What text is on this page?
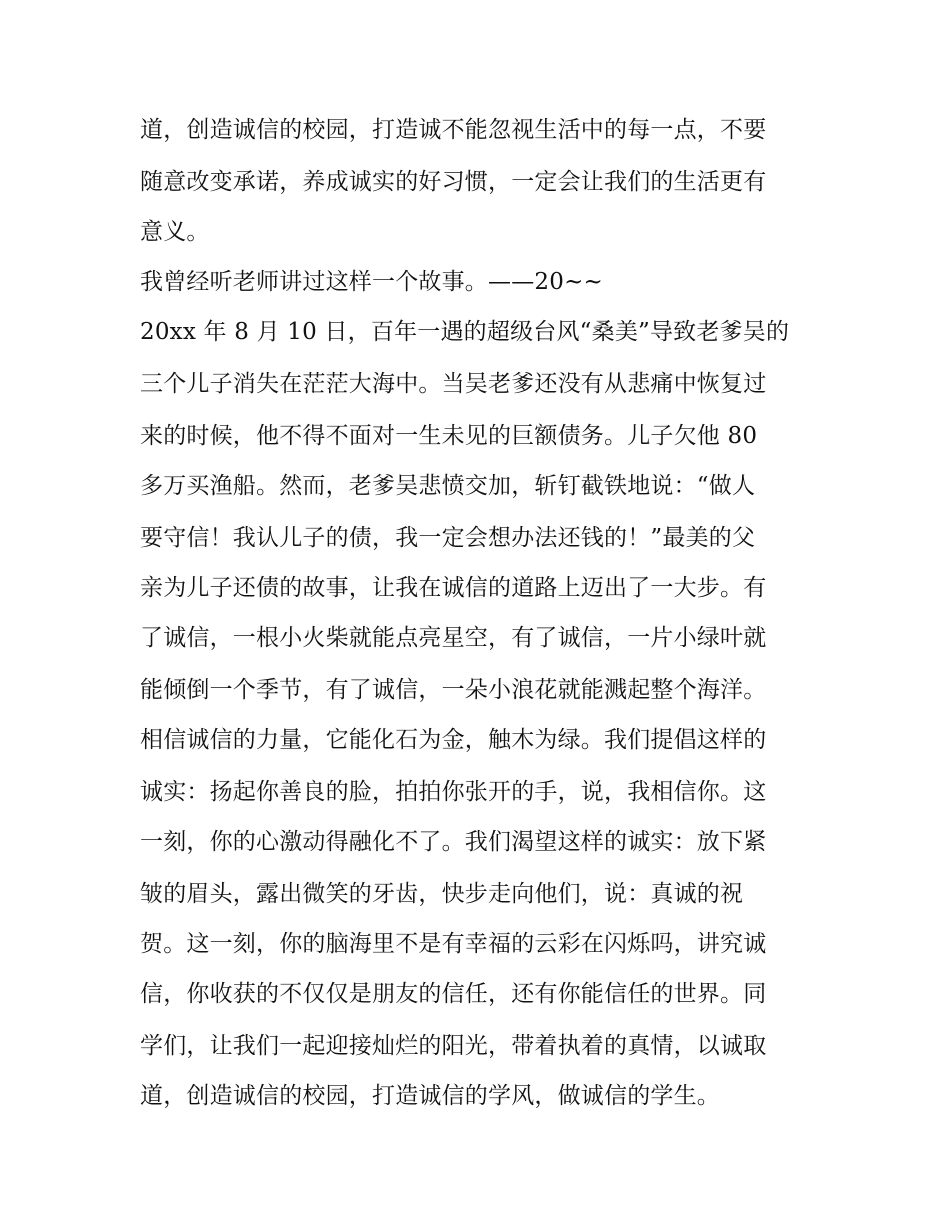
道，创造诚信的校园，打造诚不能忽视生活中的每一点，不要
随意改变承诺，养成诚实的好习惯，一定会让我们的生活更有
意义。
我曾经听老师讲过这样一个故事。——20~~
20xx 年 8 月 10 日，百年一遇的超级台风“桑美”导致老爹吴的
三个儿子消失在茫茫大海中。当吴老爹还没有从悲痛中恢复过
来的时候，他不得不面对一生未见的巨额债务。儿子欠他 80
多万买渔船。然而，老爹吴悲愤交加，斩钉截铁地说：“做人
要守信！我认儿子的债，我一定会想办法还钱的！”最美的父
亲为儿子还债的故事，让我在诚信的道路上迈出了一大步。有
了诚信，一根小火柴就能点亮星空，有了诚信，一片小绿叶就
能倾倒一个季节，有了诚信，一朵小浪花就能溅起整个海洋。
相信诚信的力量，它能化石为金，触木为绿。我们提倡这样的
诚实：扬起你善良的脸，拍拍你张开的手，说，我相信你。这
一刻，你的心激动得融化不了。我们渴望这样的诚实：放下紧
皱的眉头，露出微笑的牙齿，快步走向他们，说：真诚的祝
贺。这一刻，你的脑海里不是有幸福的云彩在闪烁吗，讲究诚
信，你收获的不仅仅是朋友的信任，还有你能信任的世界。同
学们，让我们一起迎接灿烂的阳光，带着执着的真情，以诚取
道，创造诚信的校园，打造诚信的学风，做诚信的学生。
